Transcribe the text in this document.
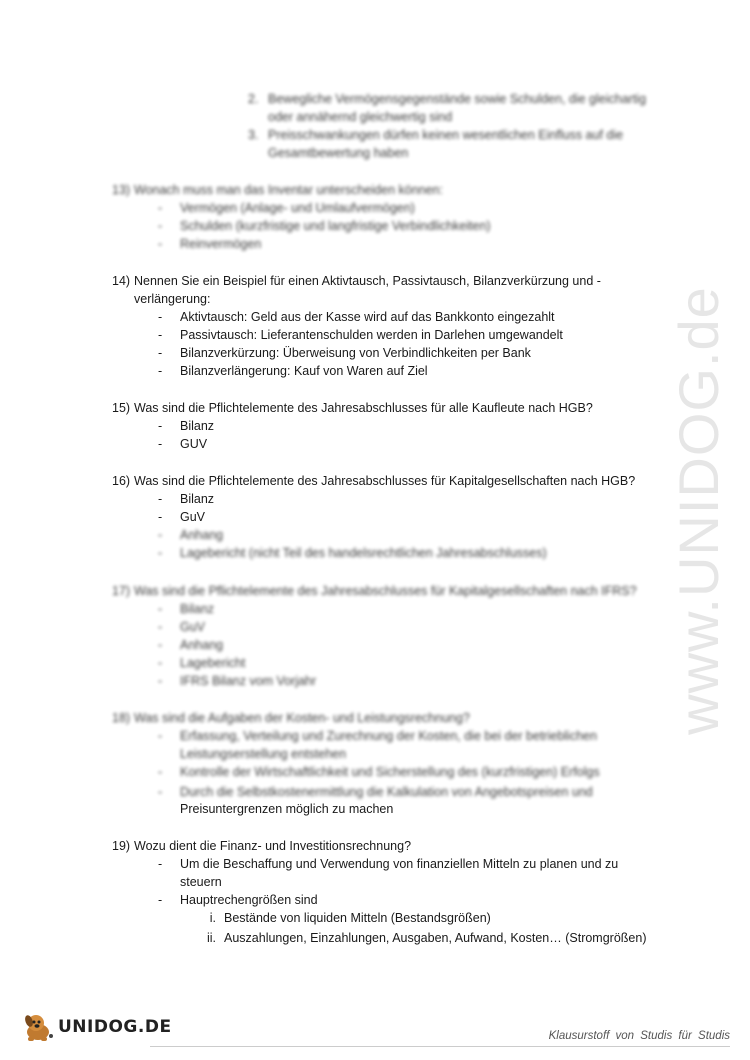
www.UNIDOG.de
2. Bewegliche Vermögensgegenstände sowie Schulden, die gleichartig
oder annähernd gleichwertig sind
3. Preisschwankungen dürfen keinen wesentlichen Einfluss auf die
Gesamtbewertung haben
13) Wonach muss man das Inventar unterscheiden können:
-	Vermögen (Anlage- und Umlaufvermögen)
-	Schulden (kurzfristige und langfristige Verbindlichkeiten)
-	Reinvermögen
14) Nennen Sie ein Beispiel für einen Aktivtausch, Passivtausch, Bilanzverkürzung und -
verlängerung:
-	Aktivtausch: Geld aus der Kasse wird auf das Bankkonto eingezahlt
-	Passivtausch: Lieferantenschulden werden in Darlehen umgewandelt
-	Bilanzverkürzung: Überweisung von Verbindlichkeiten per Bank
-	Bilanzverlängerung: Kauf von Waren auf Ziel
15) Was sind die Pflichtelemente des Jahresabschlusses für alle Kaufleute nach HGB?
-	Bilanz
-	GUV
16) Was sind die Pflichtelemente des Jahresabschlusses für Kapitalgesellschaften nach HGB?
-	Bilanz
-	GuV
-	Anhang
-	Lagebericht (nicht Teil des handelsrechtlichen Jahresabschlusses)
17) Was sind die Pflichtelemente des Jahresabschlusses für Kapitalgesellschaften nach IFRS?
-	Bilanz
-	GuV
-	Anhang
-	Lagebericht
-	IFRS Bilanz vom Vorjahr
18) Was sind die Aufgaben der Kosten- und Leistungsrechnung?
-	Erfassung, Verteilung und Zurechnung der Kosten, die bei der betrieblichen
Leistungserstellung entstehen
-	Kontrolle der Wirtschaftlichkeit und Sicherstellung des (kurzfristigen) Erfolgs
-	Durch die Selbstkostenermittlung die Kalkulation von Angebotspreisen und
Preisuntergrenzen möglich zu machen
19) Wozu dient die Finanz- und Investitionsrechnung?
-	Um die Beschaffung und Verwendung von finanziellen Mitteln zu planen und zu
steuern
-	Hauptrechengrößen sind
i. Bestände von liquiden Mitteln (Bestandsgrößen)
ii. Auszahlungen, Einzahlungen, Ausgaben, Aufwand, Kosten… (Stromgrößen)
UNIDOG.DE	Klausurstoff von Studis für Studis
